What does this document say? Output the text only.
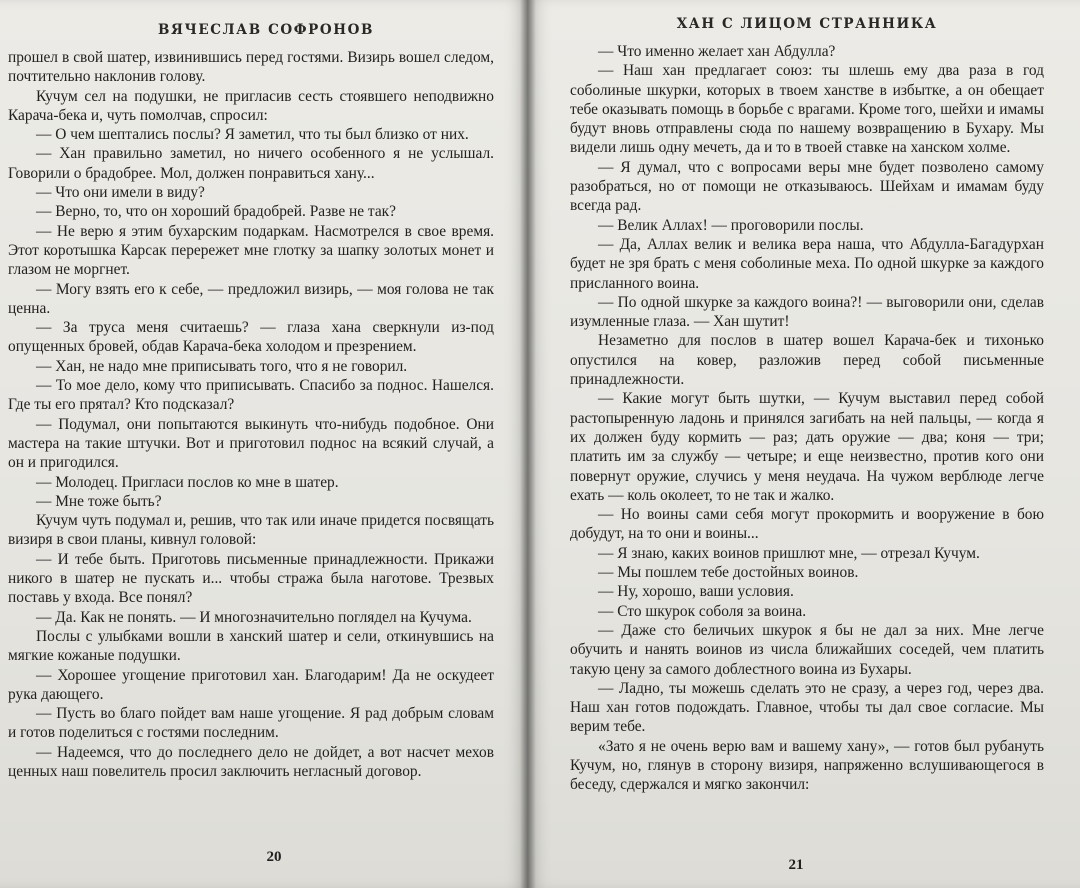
ВЯЧЕСЛАВ СОФРОНОВ

прошел в свой шатер, извинившись перед гостями. Визирь вошел следом, почтительно наклонив голову.

Кучум сел на подушки, не пригласив сесть стоявшего неподвижно Карача-бека и, чуть помолчав, спросил:

— О чем шептались послы? Я заметил, что ты был близко от них.

— Хан правильно заметил, но ничего особенного я не услышал. Говорили о брадобрее. Мол, должен понравиться хану...

— Что они имели в виду?

— Верно, то, что он хороший брадобрей. Разве не так?

— Не верю я этим бухарским подаркам. Насмотрелся в свое время. Этот коротышка Карсак перережет мне глотку за шапку золотых монет и глазом не моргнет.

— Могу взять его к себе, — предложил визирь, — моя голова не так ценна.

— За труса меня считаешь? — глаза хана сверкнули из-под опущенных бровей, обдав Карача-бека холодом и презрением.

— Хан, не надо мне приписывать того, что я не говорил.

— То мое дело, кому что приписывать. Спасибо за поднос. Нашелся. Где ты его прятал? Кто подсказал?

— Подумал, они попытаются выкинуть что-нибудь подобное. Они мастера на такие штучки. Вот и приготовил поднос на всякий случай, а он и пригодился.

— Молодец. Пригласи послов ко мне в шатер.

— Мне тоже быть?

Кучум чуть подумал и, решив, что так или иначе придется посвящать визиря в свои планы, кивнул головой:

— И тебе быть. Приготовь письменные принадлежности. Прикажи никого в шатер не пускать и... чтобы стража была наготове. Трезвых поставь у входа. Все понял?

— Да. Как не понять. — И многозначительно поглядел на Кучума.

Послы с улыбками вошли в ханский шатер и сели, откинувшись на мягкие кожаные подушки.

— Хорошее угощение приготовил хан. Благодарим! Да не оскудеет рука дающего.

— Пусть во благо пойдет вам наше угощение. Я рад добрым словам и готов поделиться с гостями последним.

— Надеемся, что до последнего дело не дойдет, а вот насчет мехов ценных наш повелитель просил заключить негласный договор.

20
ХАН С ЛИЦОМ СТРАННИКА

— Что именно желает хан Абдулла?

— Наш хан предлагает союз: ты шлешь ему два раза в год соболиные шкурки, которых в твоем ханстве в избытке, а он обещает тебе оказывать помощь в борьбе с врагами. Кроме того, шейхи и имамы будут вновь отправлены сюда по нашему возвращению в Бухару. Мы видели лишь одну мечеть, да и то в твоей ставке на ханском холме.

— Я думал, что с вопросами веры мне будет позволено самому разобраться, но от помощи не отказываюсь. Шейхам и имамам буду всегда рад.

— Велик Аллах! — проговорили послы.

— Да, Аллах велик и велика вера наша, что Абдулла-Багадурхан будет не зря брать с меня соболиные меха. По одной шкурке за каждого присланного воина.

— По одной шкурке за каждого воина?! — выговорили они, сделав изумленные глаза. — Хан шутит!

Незаметно для послов в шатер вошел Карача-бек и тихонько опустился на ковер, разложив перед собой письменные принадлежности.

— Какие могут быть шутки, — Кучум выставил перед собой растопыренную ладонь и принялся загибать на ней пальцы, — когда я их должен буду кормить — раз; дать оружие — два; коня — три; платить им за службу — четыре; и еще неизвестно, против кого они повернут оружие, случись у меня неудача. На чужом верблюде легче ехать — коль околеет, то не так и жалко.

— Но воины сами себя могут прокормить и вооружение в бою добудут, на то они и воины...

— Я знаю, каких воинов пришлют мне, — отрезал Кучум.

— Мы пошлем тебе достойных воинов.

— Ну, хорошо, ваши условия.

— Сто шкурок соболя за воина.

— Даже сто беличьих шкурок я бы не дал за них. Мне легче обучить и нанять воинов из числа ближайших соседей, чем платить такую цену за самого доблестного воина из Бухары.

— Ладно, ты можешь сделать это не сразу, а через год, через два. Наш хан готов подождать. Главное, чтобы ты дал свое согласие. Мы верим тебе.

«Зато я не очень верю вам и вашему хану», — готов был рубануть Кучум, но, глянув в сторону визиря, напряженно вслушивающегося в беседу, сдержался и мягко закончил:

21
